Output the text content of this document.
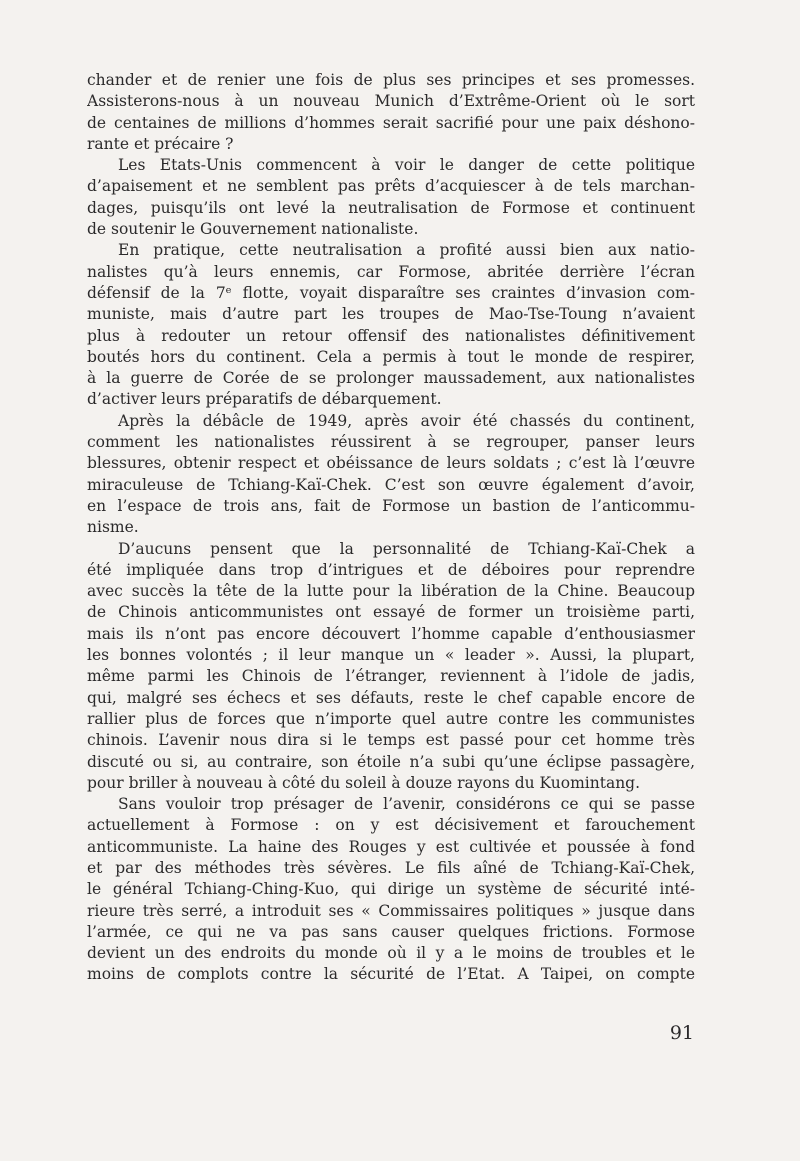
chander et de renier une fois de plus ses principes et ses promesses.
Assisterons-nous à un nouveau Munich d’Extrême-Orient où le sort
de centaines de millions d’hommes serait sacrifié pour une paix déshono-
rante et précaire ?
Les Etats-Unis commencent à voir le danger de cette politique
d’apaisement et ne semblent pas prêts d’acquiescer à de tels marchan-
dages, puisqu’ils ont levé la neutralisation de Formose et continuent
de soutenir le Gouvernement nationaliste.
En pratique, cette neutralisation a profité aussi bien aux natio-
nalistes qu’à leurs ennemis, car Formose, abritée derrière l’écran
défensif de la 7ᵉ flotte, voyait disparaître ses craintes d’invasion com-
muniste, mais d’autre part les troupes de Mao-Tse-Toung n’avaient
plus à redouter un retour offensif des nationalistes définitivement
boutés hors du continent. Cela a permis à tout le monde de respirer,
à la guerre de Corée de se prolonger maussadement, aux nationalistes
d’activer leurs préparatifs de débarquement.
Après la débâcle de 1949, après avoir été chassés du continent,
comment les nationalistes réussirent à se regrouper, panser leurs
blessures, obtenir respect et obéissance de leurs soldats ; c’est là l’œuvre
miraculeuse de Tchiang-Kaï-Chek. C’est son œuvre également d’avoir,
en l’espace de trois ans, fait de Formose un bastion de l’anticommu-
nisme.
D’aucuns pensent que la personnalité de Tchiang-Kaï-Chek a
été impliquée dans trop d’intrigues et de déboires pour reprendre
avec succès la tête de la lutte pour la libération de la Chine. Beaucoup
de Chinois anticommunistes ont essayé de former un troisième parti,
mais ils n’ont pas encore découvert l’homme capable d’enthousiasmer
les bonnes volontés ; il leur manque un « leader ». Aussi, la plupart,
même parmi les Chinois de l’étranger, reviennent à l’idole de jadis,
qui, malgré ses échecs et ses défauts, reste le chef capable encore de
rallier plus de forces que n’importe quel autre contre les communistes
chinois. L’avenir nous dira si le temps est passé pour cet homme très
discuté ou si, au contraire, son étoile n’a subi qu’une éclipse passagère,
pour briller à nouveau à côté du soleil à douze rayons du Kuomintang.
Sans vouloir trop présager de l’avenir, considérons ce qui se passe
actuellement à Formose : on y est décisivement et farouchement
anticommuniste. La haine des Rouges y est cultivée et poussée à fond
et par des méthodes très sévères. Le fils aîné de Tchiang-Kaï-Chek,
le général Tchiang-Ching-Kuo, qui dirige un système de sécurité inté-
rieure très serré, a introduit ses « Commissaires politiques » jusque dans
l’armée, ce qui ne va pas sans causer quelques frictions. Formose
devient un des endroits du monde où il y a le moins de troubles et le
moins de complots contre la sécurité de l’Etat. A Taipei, on compte
91
